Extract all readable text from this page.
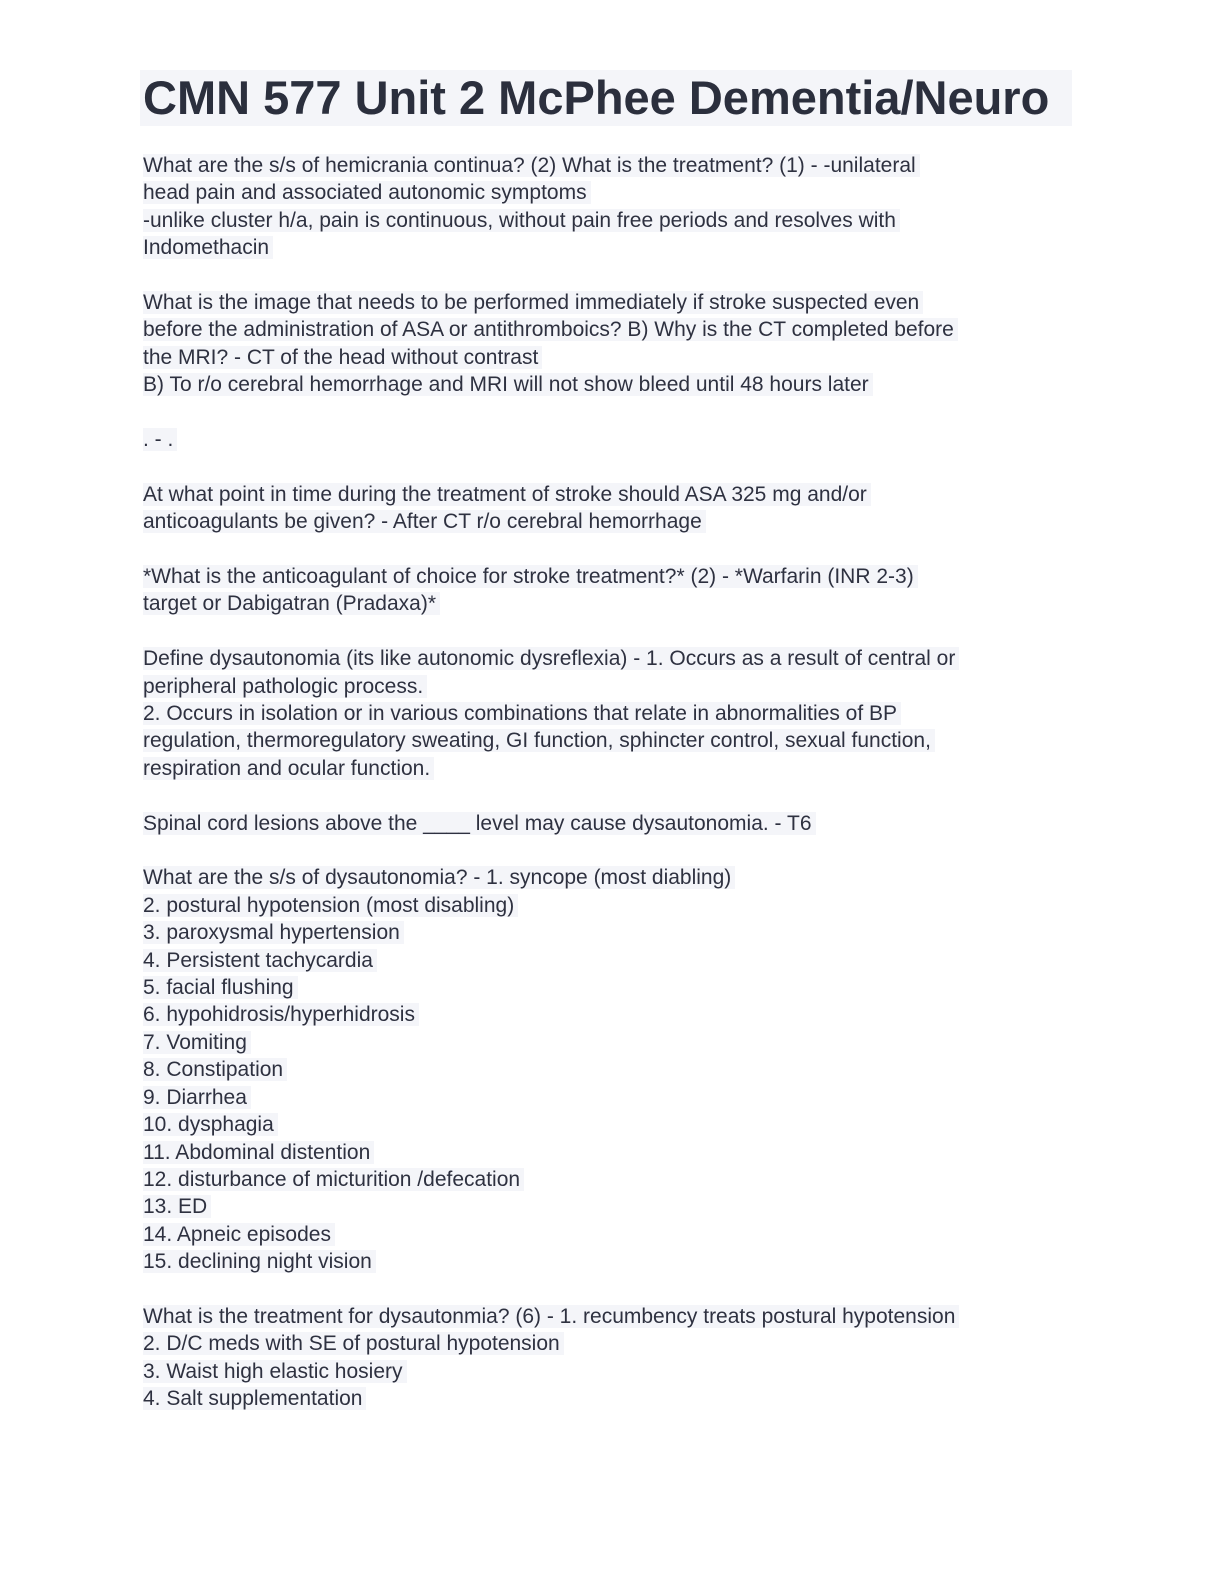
CMN 577 Unit 2 McPhee Dementia/Neuro
What are the s/s of hemicrania continua? (2) What is the treatment? (1) - -unilateral
head pain and associated autonomic symptoms
-unlike cluster h/a, pain is continuous, without pain free periods and resolves with
Indomethacin
What is the image that needs to be performed immediately if stroke suspected even
before the administration of ASA or antithromboics? B) Why is the CT completed before
the MRI? - CT of the head without contrast
B) To r/o cerebral hemorrhage and MRI will not show bleed until 48 hours later
. - .
At what point in time during the treatment of stroke should ASA 325 mg and/or
anticoagulants be given? - After CT r/o cerebral hemorrhage
*What is the anticoagulant of choice for stroke treatment?* (2) - *Warfarin (INR 2-3)
target or Dabigatran (Pradaxa)*
Define dysautonomia (its like autonomic dysreflexia) - 1. Occurs as a result of central or
peripheral pathologic process.
2. Occurs in isolation or in various combinations that relate in abnormalities of BP
regulation, thermoregulatory sweating, GI function, sphincter control, sexual function,
respiration and ocular function.
Spinal cord lesions above the ____ level may cause dysautonomia. - T6
What are the s/s of dysautonomia? - 1. syncope (most diabling)
2. postural hypotension (most disabling)
3. paroxysmal hypertension
4. Persistent tachycardia
5. facial flushing
6. hypohidrosis/hyperhidrosis
7. Vomiting
8. Constipation
9. Diarrhea
10. dysphagia
11. Abdominal distention
12. disturbance of micturition /defecation
13. ED
14. Apneic episodes
15. declining night vision
What is the treatment for dysautonmia? (6) - 1. recumbency treats postural hypotension
2. D/C meds with SE of postural hypotension
3. Waist high elastic hosiery
4. Salt supplementation
